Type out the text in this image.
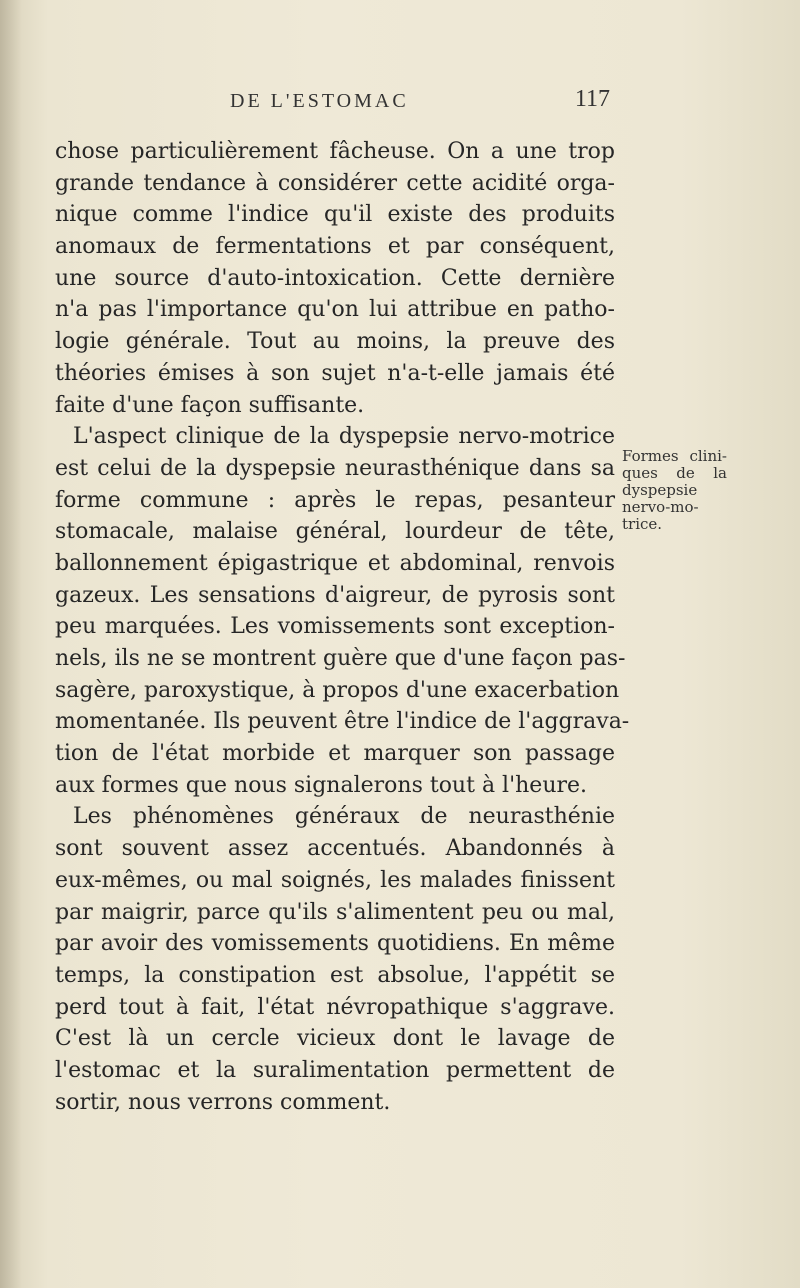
DE L'ESTOMAC	117
chose particulièrement fâcheuse. On a une trop
grande tendance à considérer cette acidité orga-
nique comme l'indice qu'il existe des produits
anomaux de fermentations et par conséquent,
une source d'auto-intoxication. Cette dernière
n'a pas l'importance qu'on lui attribue en patho-
logie générale. Tout au moins, la preuve des
théories émises à son sujet n'a-t-elle jamais été
faite d'une façon suffisante.
L'aspect clinique de la dyspepsie nervo-motrice
est celui de la dyspepsie neurasthénique dans sa
forme commune : après le repas, pesanteur
stomacale, malaise général, lourdeur de tête,
ballonnement épigastrique et abdominal, renvois
gazeux. Les sensations d'aigreur, de pyrosis sont
peu marquées. Les vomissements sont exception-
nels, ils ne se montrent guère que d'une façon pas-
sagère, paroxystique, à propos d'une exacerbation
momentanée. Ils peuvent être l'indice de l'aggrava-
tion de l'état morbide et marquer son passage
aux formes que nous signalerons tout à l'heure.
Les phénomènes généraux de neurasthénie
sont souvent assez accentués. Abandonnés à
eux-mêmes, ou mal soignés, les malades finissent
par maigrir, parce qu'ils s'alimentent peu ou mal,
par avoir des vomissements quotidiens. En même
temps, la constipation est absolue, l'appétit se
perd tout à fait, l'état névropathique s'aggrave.
C'est là un cercle vicieux dont le lavage de
l'estomac et la suralimentation permettent de
sortir, nous verrons comment.
Formes clini-
ques de la
dyspepsie
nervo-mo-
trice.
